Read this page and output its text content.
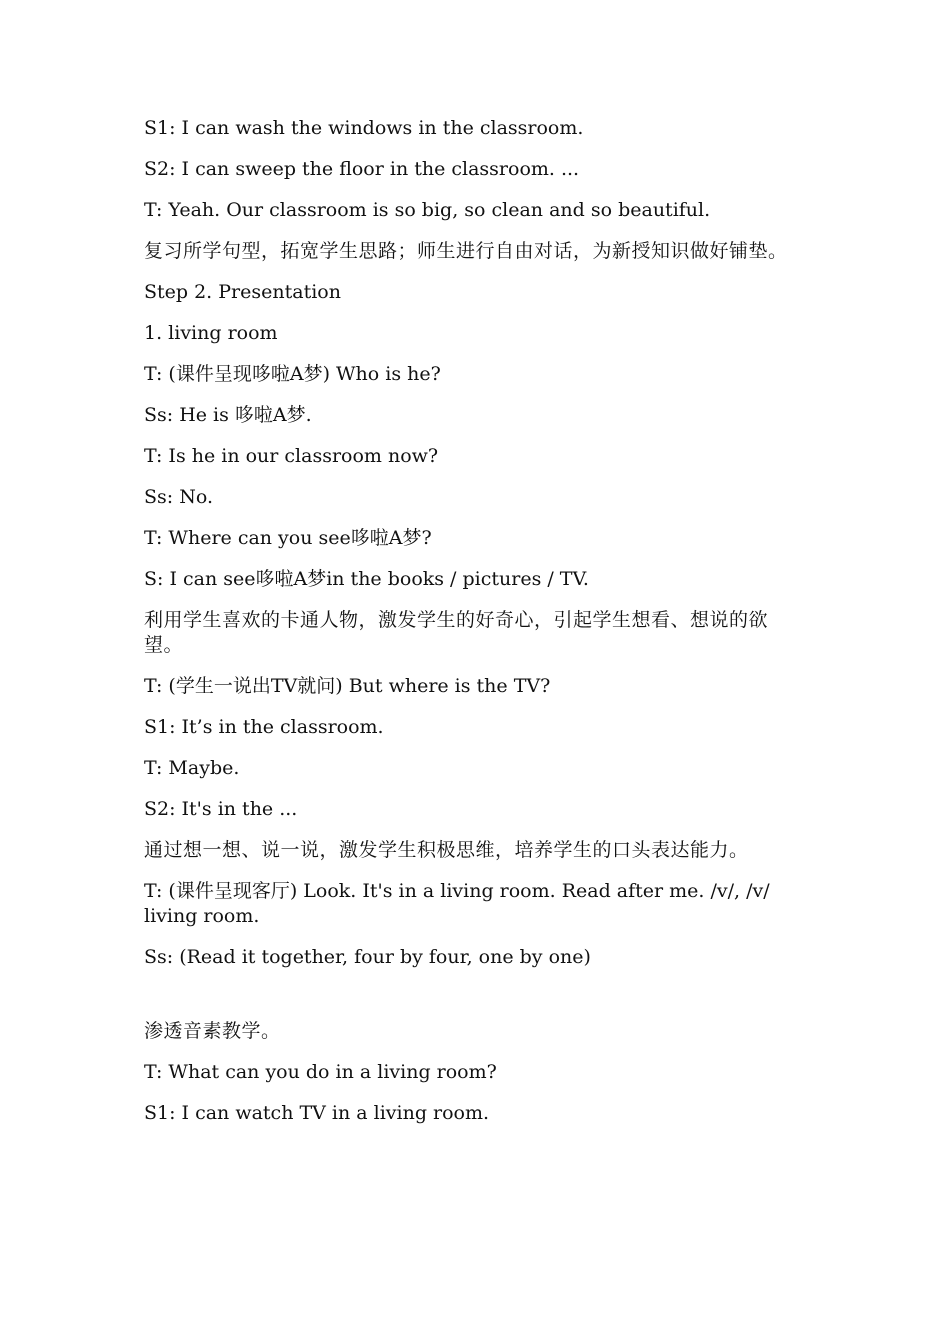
S1: I can wash the windows in the classroom.

S2: I can sweep the floor in the classroom. ...

T: Yeah. Our classroom is so big, so clean and so beautiful.

复习所学句型，拓宽学生思路；师生进行自由对话，为新授知识做好铺垫。

Step 2. Presentation

1. living room

T: (课件呈现哆啦A梦) Who is he?

Ss: He is 哆啦A梦.

T: Is he in our classroom now?

Ss: No.

T: Where can you see哆啦A梦?

S: I can see哆啦A梦in the books / pictures / TV.

利用学生喜欢的卡通人物，激发学生的好奇心，引起学生想看、想说的欲望。

T: (学生一说出TV就问) But where is the TV?

S1: It’s in the classroom.

T: Maybe.

S2: It's in the ...

通过想一想、说一说，激发学生积极思维，培养学生的口头表达能力。

T: (课件呈现客厅) Look. It's in a living room. Read after me. /v/, /v/ living room.

Ss: (Read it together, four by four, one by one)

渗透音素教学。

T: What can you do in a living room?

S1: I can watch TV in a living room.
